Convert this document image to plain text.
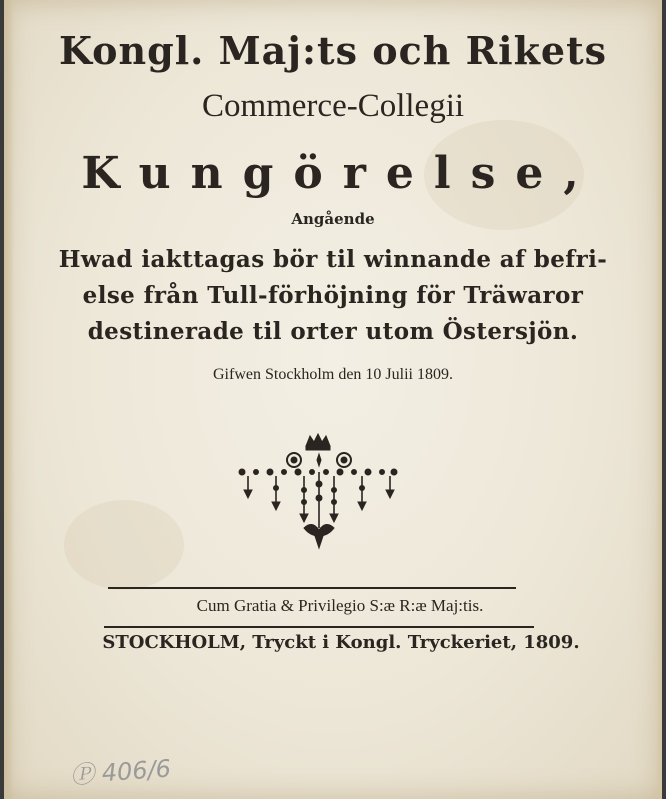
Kongl. Maj:ts och Rikets
Commerce-Collegii
Kungörelse,
Angående
Hwad iakttagas bör til winnande af befri-
else från Tull-förhöjning för Träwaror
destinerade til orter utom Östersjön.
Gifwen Stockholm den 10 Julii 1809.
Cum Gratia & Privilegio S:æ R:æ Maj:tis.
STOCKHOLM, Tryckt i Kongl. Tryckeriet, 1809.
Ⓟ 406/6
